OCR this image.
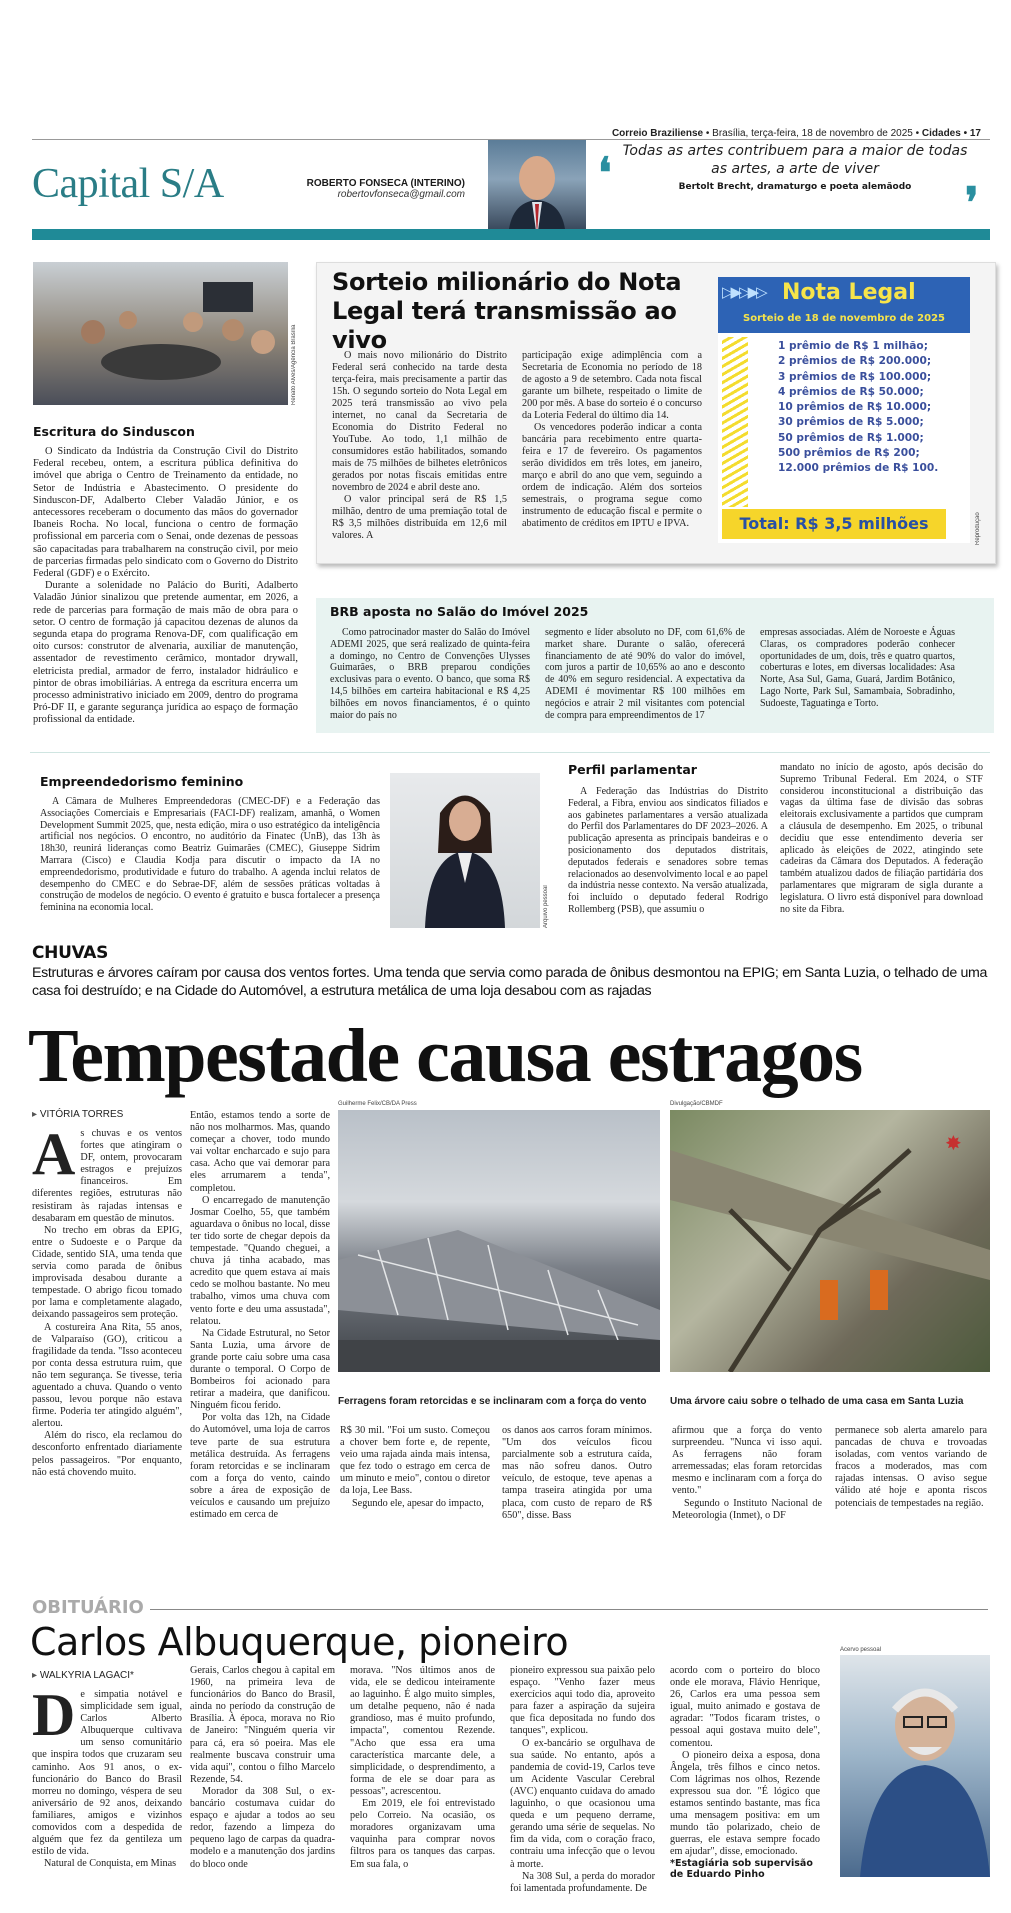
Correio Braziliense • Brasília, terça-feira, 18 de novembro de 2025 • Cidades • 17
Capital S/A	ROBERTO FONSECA (INTERINO)
robertovfonseca@gmail.com	❛ Todas as artes contribuem para a maior de todas as artes, a arte de viver
Bertolt Brecht, dramaturgo e poeta alemãodo	❜
Renato Alves/Agência Brasília
Escritura do Sinduscon

O Sindicato da Indústria da Construção Civil do Distrito Federal recebeu, ontem, a escritura pública definitiva do imóvel que abriga o Centro de Treinamento da entidade, no Setor de Indústria e Abastecimento. O presidente do Sinduscon-DF, Adalberto Cleber Valadão Júnior, e os antecessores receberam o documento das mãos do governador Ibaneis Rocha. No local, funciona o centro de formação profissional em parceria com o Senai, onde dezenas de pessoas são capacitadas para trabalharem na construção civil, por meio de parcerias firmadas pelo sindicato com o Governo do Distrito Federal (GDF) e o Exército.

Durante a solenidade no Palácio do Buriti, Adalberto Valadão Júnior sinalizou que pretende aumentar, em 2026, a rede de parcerias para formação de mais mão de obra para o setor. O centro de formação já capacitou dezenas de alunos da segunda etapa do programa Renova-DF, com qualificação em oito cursos: construtor de alvenaria, auxiliar de manutenção, assentador de revestimento cerâmico, montador drywall, eletricista predial, armador de ferro, instalador hidráulico e pintor de obras imobiliárias. A entrega da escritura encerra um processo administrativo iniciado em 2009, dentro do programa Pró-DF II, e garante segurança jurídica ao espaço de formação profissional da entidade.

Sorteio milionário do Nota Legal terá transmissão ao vivo

O mais novo milionário do Distrito Federal será conhecido na tarde desta terça-feira, mais precisamente a partir das 15h. O segundo sorteio do Nota Legal em 2025 terá transmissão ao vivo pela internet, no canal da Secretaria de Economia do Distrito Federal no YouTube. Ao todo, 1,1 milhão de consumidores estão habilitados, somando mais de 75 milhões de bilhetes eletrônicos gerados por notas fiscais emitidas entre novembro de 2024 e abril deste ano.

O valor principal será de R$ 1,5 milhão, dentro de uma premiação total de R$ 3,5 milhões distribuída em 12,6 mil valores. A

participação exige adimplência com a Secretaria de Economia no período de 18 de agosto a 9 de setembro. Cada nota fiscal garante um bilhete, respeitado o limite de 200 por mês. A base do sorteio é o concurso da Loteria Federal do último dia 14.

Os vencedores poderão indicar a conta bancária para recebimento entre quarta-feira e 17 de fevereiro. Os pagamentos serão divididos em três lotes, em janeiro, março e abril do ano que vem, seguindo a ordem de indicação. Além dos sorteios semestrais, o programa segue como instrumento de educação fiscal e permite o abatimento de créditos em IPTU e IPVA.

▷▶▷▶▷ Nota Legal
Sorteio de 18 de novembro de 2025
1 prêmio de R$ 1 milhão;
2 prêmios de R$ 200.000;
3 prêmios de R$ 100.000;
4 prêmios de R$ 50.000;
10 prêmios de R$ 10.000;
30 prêmios de R$ 5.000;
50 prêmios de R$ 1.000;
500 prêmios de R$ 200;
12.000 prêmios de R$ 100.
Total: R$ 3,5 milhões	Reprodução
BRB aposta no Salão do Imóvel 2025

Como patrocinador master do Salão do Imóvel ADEMI 2025, que será realizado de quinta-feira a domingo, no Centro de Convenções Ulysses Guimarães, o BRB preparou condições exclusivas para o evento. O banco, que soma R$ 14,5 bilhões em carteira habitacional e R$ 4,25 bilhões em novos financiamentos, é o quinto maior do país no

segmento e líder absoluto no DF, com 61,6% de market share. Durante o salão, oferecerá financiamento de até 90% do valor do imóvel, com juros a partir de 10,65% ao ano e desconto de 40% em seguro residencial. A expectativa da ADEMI é movimentar R$ 100 milhões em negócios e atrair 2 mil visitantes com potencial de compra para empreendimentos de 17

empresas associadas. Além de Noroeste e Águas Claras, os compradores poderão conhecer oportunidades de um, dois, três e quatro quartos, coberturas e lotes, em diversas localidades: Asa Norte, Asa Sul, Gama, Guará, Jardim Botânico, Lago Norte, Park Sul, Samambaia, Sobradinho, Sudoeste, Taguatinga e Torto.

Empreendedorismo feminino

A Câmara de Mulheres Empreendedoras (CMEC-DF) e a Federação das Associações Comerciais e Empresariais (FACI-DF) realizam, amanhã, o Women Development Summit 2025, que, nesta edição, mira o uso estratégico da inteligência artificial nos negócios. O encontro, no auditório da Finatec (UnB), das 13h às 18h30, reunirá lideranças como Beatriz Guimarães (CMEC), Giuseppe Sidrim Marrara (Cisco) e Claudia Kodja para discutir o impacto da IA no empreendedorismo, produtividade e futuro do trabalho. A agenda inclui relatos de desempenho do CMEC e do Sebrae-DF, além de sessões práticas voltadas à construção de modelos de negócio. O evento é gratuito e busca fortalecer a presença feminina na economia local.	Arquivo pessoal
Perfil parlamentar

A Federação das Indústrias do Distrito Federal, a Fibra, enviou aos sindicatos filiados e aos gabinetes parlamentares a versão atualizada do Perfil dos Parlamentares do DF 2023–2026. A publicação apresenta as principais bandeiras e o posicionamento dos deputados distritais, deputados federais e senadores sobre temas relacionados ao desenvolvimento local e ao papel da indústria nesse contexto. Na versão atualizada, foi incluído o deputado federal Rodrigo Rollemberg (PSB), que assumiu o

mandato no início de agosto, após decisão do Supremo Tribunal Federal. Em 2024, o STF considerou inconstitucional a distribuição das vagas da última fase de divisão das sobras eleitorais exclusivamente a partidos que cumpram a cláusula de desempenho. Em 2025, o tribunal decidiu que esse entendimento deveria ser aplicado às eleições de 2022, atingindo sete cadeiras da Câmara dos Deputados. A federação também atualizou dados de filiação partidária dos parlamentares que migraram de sigla durante a legislatura. O livro está disponível para download no site da Fibra.

CHUVAS
Estruturas e árvores caíram por causa dos ventos fortes. Uma tenda que servia como parada de ônibus desmontou na EPIG; em Santa Luzia, o telhado de uma casa foi destruído; e na Cidade do Automóvel, a estrutura metálica de uma loja desabou com as rajadas
Tempestade causa estragos
▸ VITÓRIA TORRES
A s chuvas e os ventos fortes que atingiram o DF, ontem, provocaram estragos e prejuízos financeiros. Em diferentes regiões, estruturas não resistiram às rajadas intensas e desabaram em questão de minutos.

No trecho em obras da EPIG, entre o Sudoeste e o Parque da Cidade, sentido SIA, uma tenda que servia como parada de ônibus improvisada desabou durante a tempestade. O abrigo ficou tomado por lama e completamente alagado, deixando passageiros sem proteção.

A costureira Ana Rita, 55 anos, de Valparaíso (GO), criticou a fragilidade da tenda. "Isso aconteceu por conta dessa estrutura ruim, que não tem segurança. Se tivesse, teria aguentado a chuva. Quando o vento passou, levou porque não estava firme. Poderia ter atingido alguém", alertou.

Além do risco, ela reclamou do desconforto enfrentado diariamente pelos passageiros. "Por enquanto, não está chovendo muito.

Então, estamos tendo a sorte de não nos molharmos. Mas, quando começar a chover, todo mundo vai voltar encharcado e sujo para casa. Acho que vai demorar para eles arrumarem a tenda", completou.

O encarregado de manutenção Josmar Coelho, 55, que também aguardava o ônibus no local, disse ter tido sorte de chegar depois da tempestade. "Quando cheguei, a chuva já tinha acabado, mas acredito que quem estava aí mais cedo se molhou bastante. No meu trabalho, vimos uma chuva com vento forte e deu uma assustada", relatou.

Na Cidade Estrutural, no Setor Santa Luzia, uma árvore de grande porte caiu sobre uma casa durante o temporal. O Corpo de Bombeiros foi acionado para retirar a madeira, que danificou. Ninguém ficou ferido.

Por volta das 12h, na Cidade do Automóvel, uma loja de carros teve parte de sua estrutura metálica destruída. As ferragens foram retorcidas e se inclinaram com a força do vento, caindo sobre a área de exposição de veículos e causando um prejuízo estimado em cerca de

Guilherme Felix/CB/DA Press
Ferragens foram retorcidas e se inclinaram com a força do vento
Divulgação/CBMDF
✸
Uma árvore caiu sobre o telhado de uma casa em Santa Luzia

R$ 30 mil. "Foi um susto. Começou a chover bem forte e, de repente, veio uma rajada ainda mais intensa, que fez todo o estrago em cerca de um minuto e meio", contou o diretor da loja, Lee Bass.

Segundo ele, apesar do impacto,

os danos aos carros foram mínimos. "Um dos veículos ficou parcialmente sob a estrutura caída, mas não sofreu danos. Outro veículo, de estoque, teve apenas a tampa traseira atingida por uma placa, com custo de reparo de R$ 650", disse. Bass

afirmou que a força do vento surpreendeu. "Nunca vi isso aqui. As ferragens não foram arremessadas; elas foram retorcidas mesmo e inclinaram com a força do vento."

Segundo o Instituto Nacional de Meteorologia (Inmet), o DF

permanece sob alerta amarelo para pancadas de chuva e trovoadas isoladas, com ventos variando de fracos a moderados, mas com rajadas intensas. O aviso segue válido até hoje e aponta riscos potenciais de tempestades na região.

OBITUÁRIO
Carlos Albuquerque, pioneiro
▸ WALKYRIA LAGACI*
D e simpatia notável e simplicidade sem igual, Carlos Alberto Albuquerque cultivava um senso comunitário que inspira todos que cruzaram seu caminho. Aos 91 anos, o ex-funcionário do Banco do Brasil morreu no domingo, véspera de seu aniversário de 92 anos, deixando familiares, amigos e vizinhos comovidos com a despedida de alguém que fez da gentileza um estilo de vida.

Natural de Conquista, em Minas

Gerais, Carlos chegou à capital em 1960, na primeira leva de funcionários do Banco do Brasil, ainda no período da construção de Brasília. À época, morava no Rio de Janeiro: "Ninguém queria vir para cá, era só poeira. Mas ele realmente buscava construir uma vida aqui", contou o filho Marcelo Rezende, 54.

Morador da 308 Sul, o ex-bancário costumava cuidar do espaço e ajudar a todos ao seu redor, fazendo a limpeza do pequeno lago de carpas da quadra-modelo e a manutenção dos jardins do bloco onde

morava. "Nos últimos anos de vida, ele se dedicou inteiramente ao laguinho. É algo muito simples, um detalhe pequeno, não é nada grandioso, mas é muito profundo, impacta", comentou Rezende. "Acho que essa era uma característica marcante dele, a simplicidade, o desprendimento, a forma de ele se doar para as pessoas", acrescentou.

Em 2019, ele foi entrevistado pelo Correio. Na ocasião, os moradores organizavam uma vaquinha para comprar novos filtros para os tanques das carpas. Em sua fala, o

pioneiro expressou sua paixão pelo espaço. "Venho fazer meus exercícios aqui todo dia, aproveito para fazer a aspiração da sujeira que fica depositada no fundo dos tanques", explicou.

O ex-bancário se orgulhava de sua saúde. No entanto, após a pandemia de covid-19, Carlos teve um Acidente Vascular Cerebral (AVC) enquanto cuidava do amado laguinho, o que ocasionou uma queda e um pequeno derrame, gerando uma série de sequelas. No fim da vida, com o coração fraco, contraiu uma infecção que o levou à morte.

Na 308 Sul, a perda do morador foi lamentada profundamente. De

acordo com o porteiro do bloco onde ele morava, Flávio Henrique, 26, Carlos era uma pessoa sem igual, muito animado e gostava de agradar: "Todos ficaram tristes, o pessoal aqui gostava muito dele", comentou.

O pioneiro deixa a esposa, dona Ângela, três filhos e cinco netos. Com lágrimas nos olhos, Rezende expressou sua dor. "É lógico que estamos sentindo bastante, mas fica uma mensagem positiva: em um mundo tão polarizado, cheio de guerras, ele estava sempre focado em ajudar", disse, emocionado.

*Estagiária sob supervisão de Eduardo Pinho
Acervo pessoal
